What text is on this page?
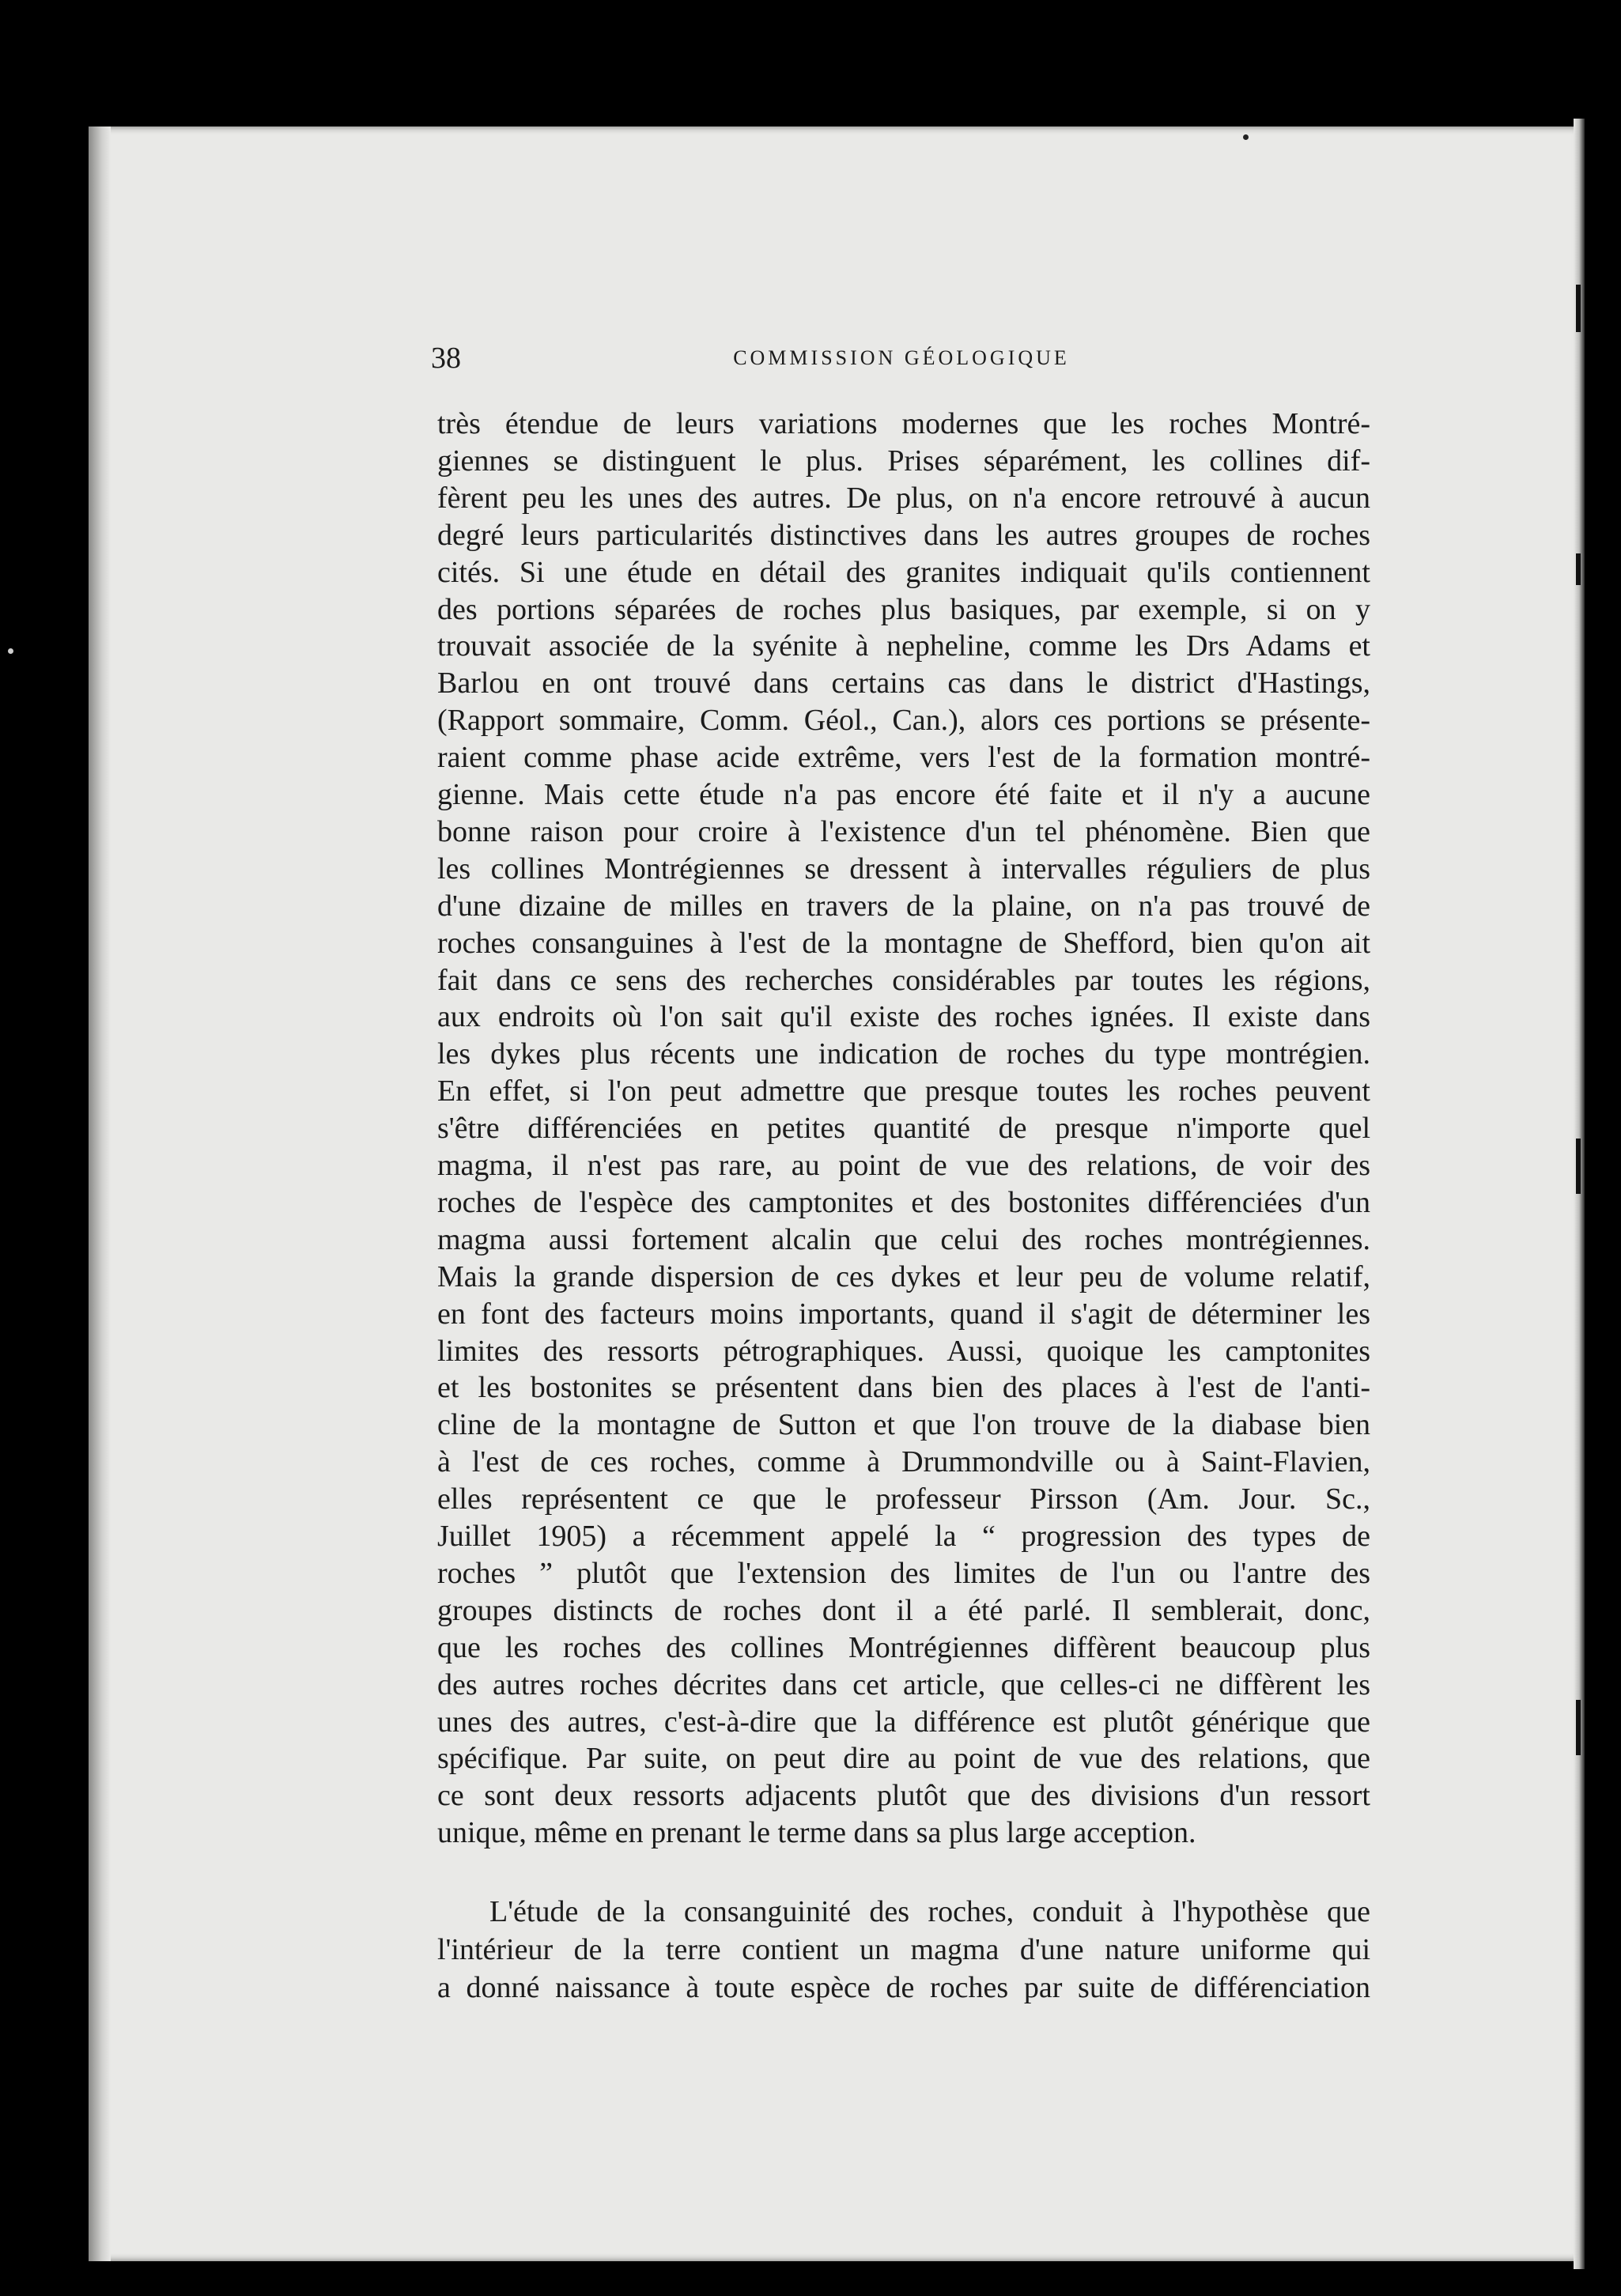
38	COMMISSION GÉOLOGIQUE
très étendue de leurs variations modernes que les roches Montré-
giennes se distinguent le plus. Prises séparément, les collines dif-
fèrent peu les unes des autres. De plus, on n'a encore retrouvé à aucun
degré leurs particularités distinctives dans les autres groupes de roches
cités. Si une étude en détail des granites indiquait qu'ils contiennent
des portions séparées de roches plus basiques, par exemple, si on y
trouvait associée de la syénite à nepheline, comme les Drs Adams et
Barlou en ont trouvé dans certains cas dans le district d'Hastings,
(Rapport sommaire, Comm. Géol., Can.), alors ces portions se présente-
raient comme phase acide extrême, vers l'est de la formation montré-
gienne. Mais cette étude n'a pas encore été faite et il n'y a aucune
bonne raison pour croire à l'existence d'un tel phénomène. Bien que
les collines Montrégiennes se dressent à intervalles réguliers de plus
d'une dizaine de milles en travers de la plaine, on n'a pas trouvé de
roches consanguines à l'est de la montagne de Shefford, bien qu'on ait
fait dans ce sens des recherches considérables par toutes les régions,
aux endroits où l'on sait qu'il existe des roches ignées. Il existe dans
les dykes plus récents une indication de roches du type montrégien.
En effet, si l'on peut admettre que presque toutes les roches peuvent
s'être différenciées en petites quantité de presque n'importe quel
magma, il n'est pas rare, au point de vue des relations, de voir des
roches de l'espèce des camptonites et des bostonites différenciées d'un
magma aussi fortement alcalin que celui des roches montrégiennes.
Mais la grande dispersion de ces dykes et leur peu de volume relatif,
en font des facteurs moins importants, quand il s'agit de déterminer les
limites des ressorts pétrographiques. Aussi, quoique les camptonites
et les bostonites se présentent dans bien des places à l'est de l'anti-
cline de la montagne de Sutton et que l'on trouve de la diabase bien
à l'est de ces roches, comme à Drummondville ou à Saint-Flavien,
elles représentent ce que le professeur Pirsson (Am. Jour. Sc.,
Juillet 1905) a récemment appelé la “ progression des types de
roches ” plutôt que l'extension des limites de l'un ou l'antre des
groupes distincts de roches dont il a été parlé. Il semblerait, donc,
que les roches des collines Montrégiennes diffèrent beaucoup plus
des autres roches décrites dans cet article, que celles-ci ne diffèrent les
unes des autres, c'est-à-dire que la différence est plutôt générique que
spécifique. Par suite, on peut dire au point de vue des relations, que
ce sont deux ressorts adjacents plutôt que des divisions d'un ressort
unique, même en prenant le terme dans sa plus large acception.
L'étude de la consanguinité des roches, conduit à l'hypothèse que
l'intérieur de la terre contient un magma d'une nature uniforme qui
a donné naissance à toute espèce de roches par suite de différenciation
